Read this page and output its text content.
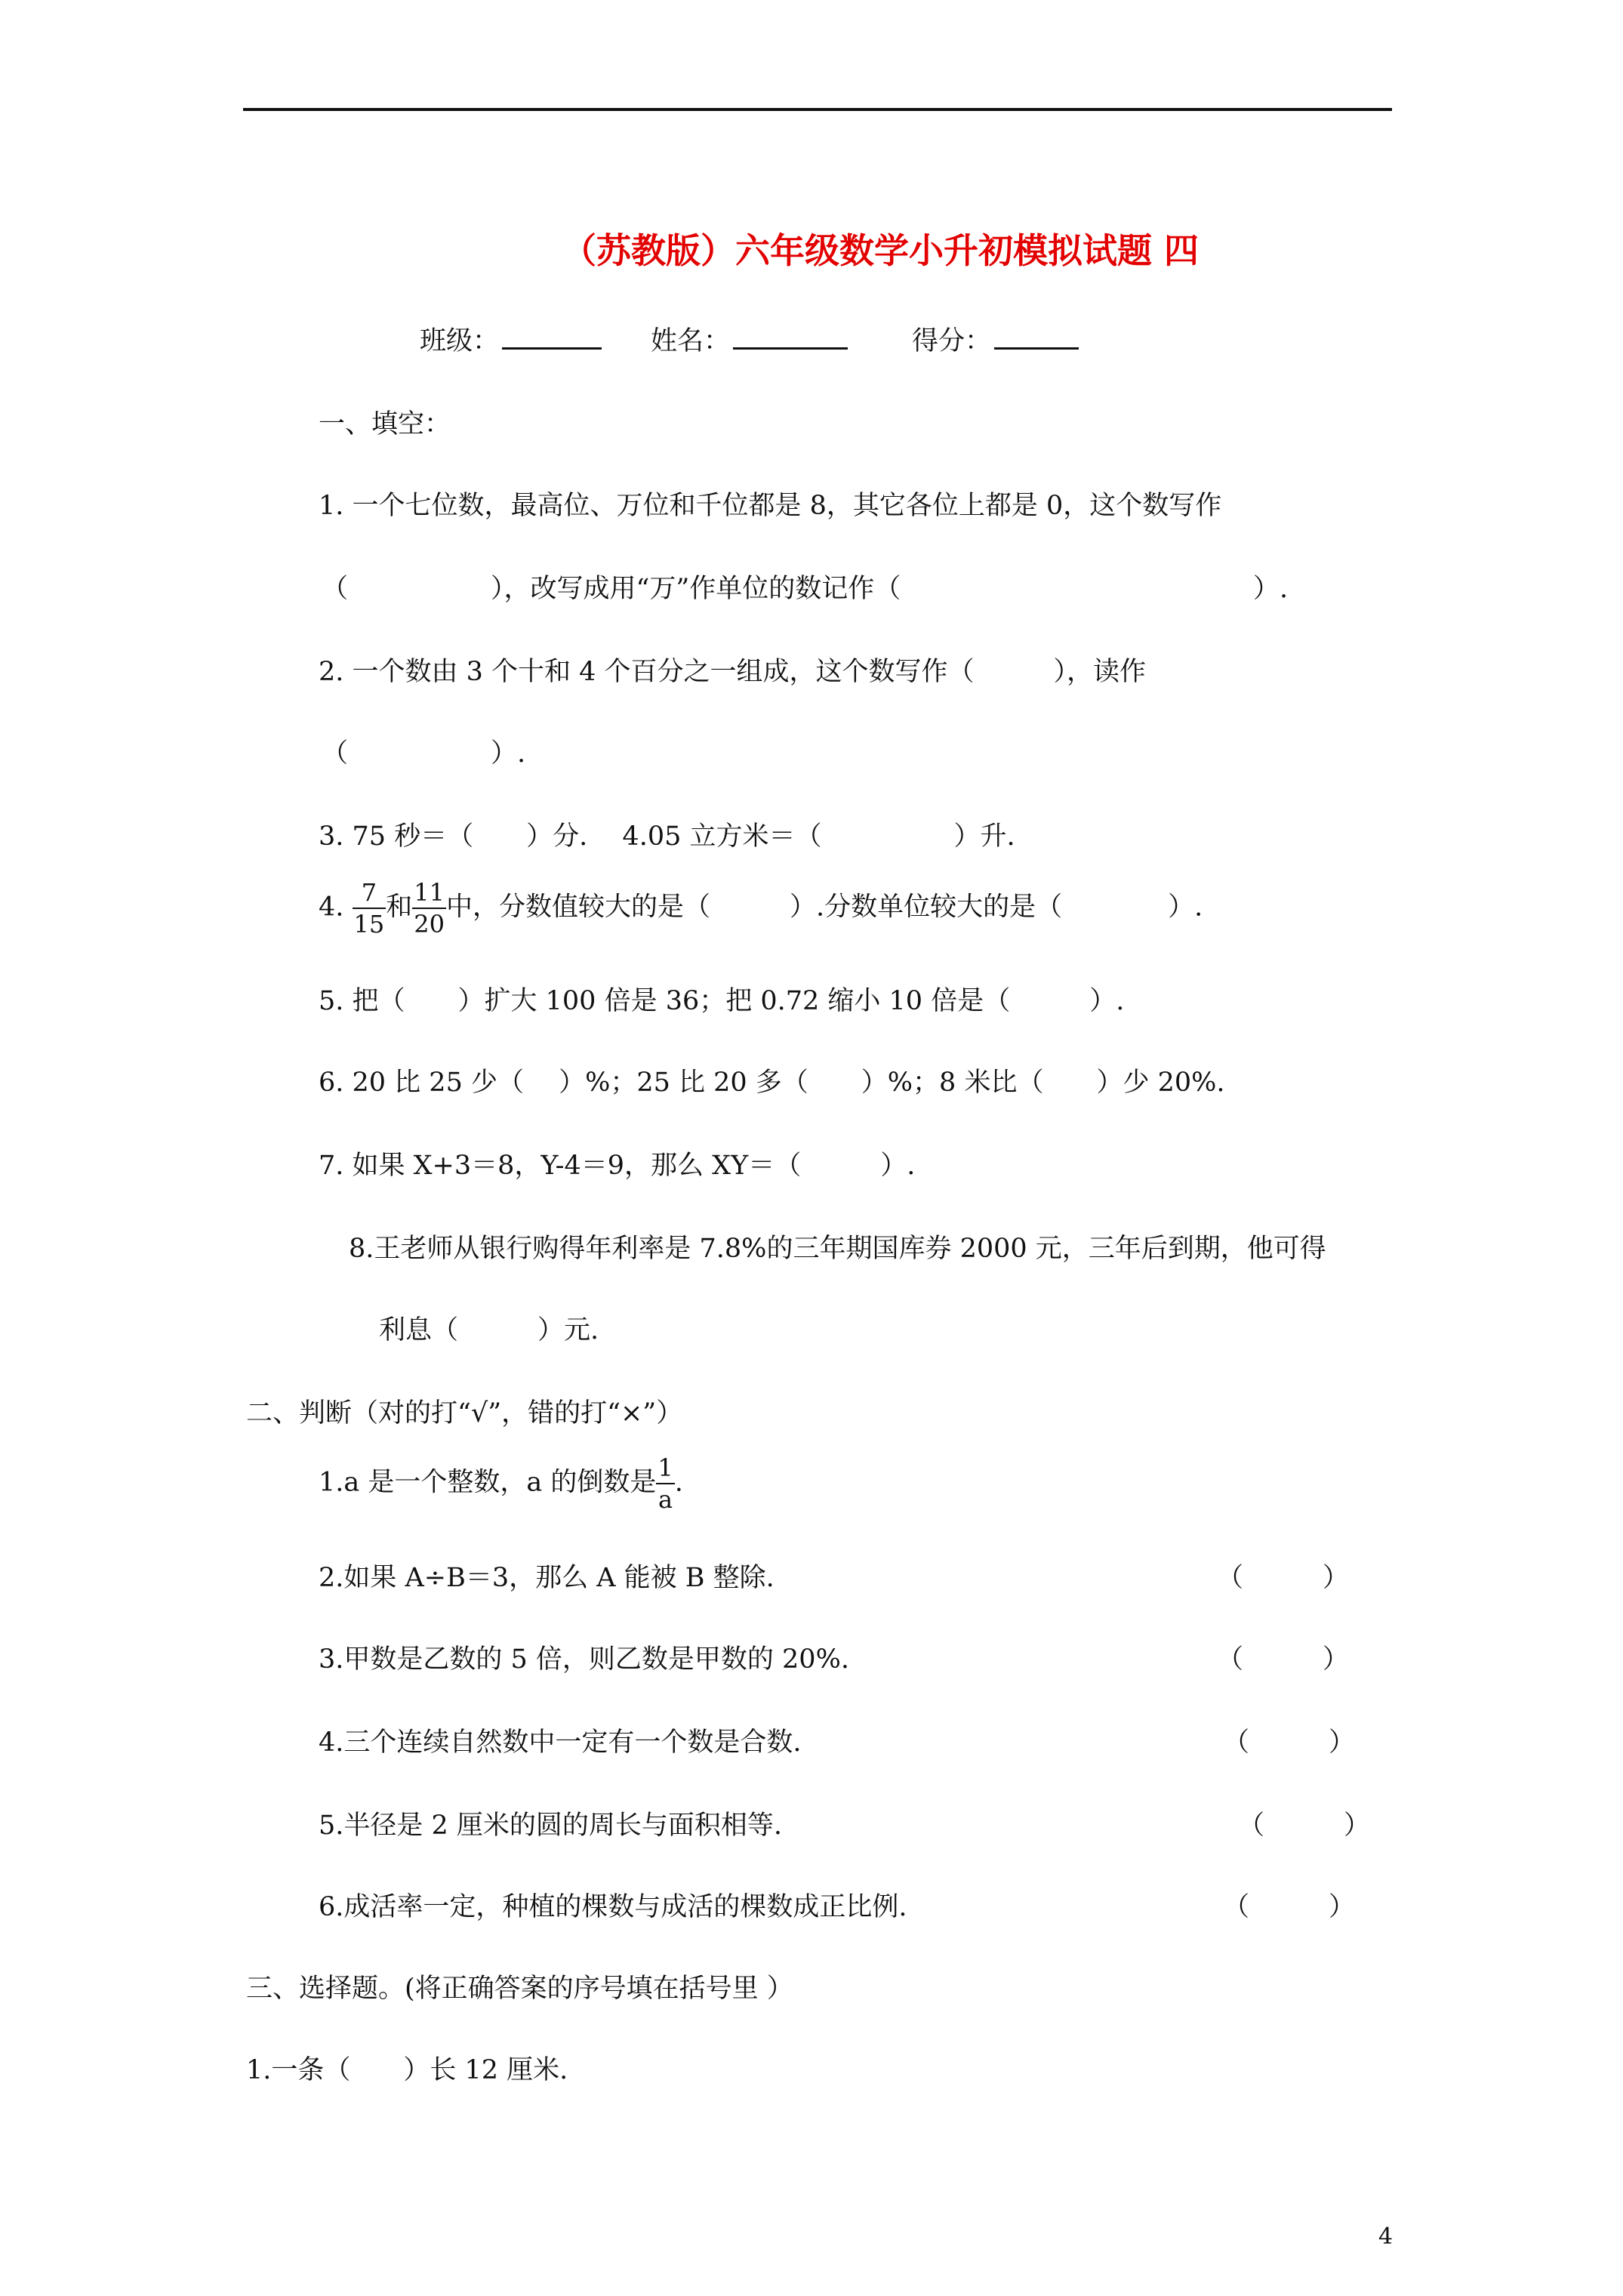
（苏教版）六年级数学小升初模拟试题 四
班级：	姓名：	得分：
一、填空：
1. 一个七位数，最高位、万位和千位都是 8，其它各位上都是 0，这个数写作
（	），改写成用“万”作单位的数记作（	）.
2. 一个数由 3 个十和 4 个百分之一组成，这个数写作（　　　），读作
（	）.
3. 75 秒＝（　　）分.　 4.05 立方米＝（　　　　　）升.
4. $\frac{7}{15}$ 和 $\frac{11}{20}$ 中，分数值较大的是（　　　）.分数单位较大的是（　　　　）.
5. 把（　　）扩大 100 倍是 36；把 0.72 缩小 10 倍是（　　　）.
6. 20 比 25 少（　 ）%；25 比 20 多（　　）%；8 米比（　　）少 20%.
7. 如果 X+3＝8，Y-4＝9，那么 XY＝（　　　）.
8.王老师从银行购得年利率是 7.8%的三年期国库券 2000 元，三年后到期，他可得
利息（　　　）元.
二、判断（对的打“√”，错的打“×”）
1.a 是一个整数，a 的倒数是 $\frac{1}{a}$ .
2.如果 A÷B＝3，那么 A 能被 B 整除.	（　　　）
3.甲数是乙数的 5 倍，则乙数是甲数的 20%.	（　　　）
4.三个连续自然数中一定有一个数是合数.	（　　　）
5.半径是 2 厘米的圆的周长与面积相等.	（　　　）
6.成活率一定，种植的棵数与成活的棵数成正比例.	（　　　）
三、选择题。(将正确答案的序号填在括号里 ）
1.一条（　　）长 12 厘米.
4
